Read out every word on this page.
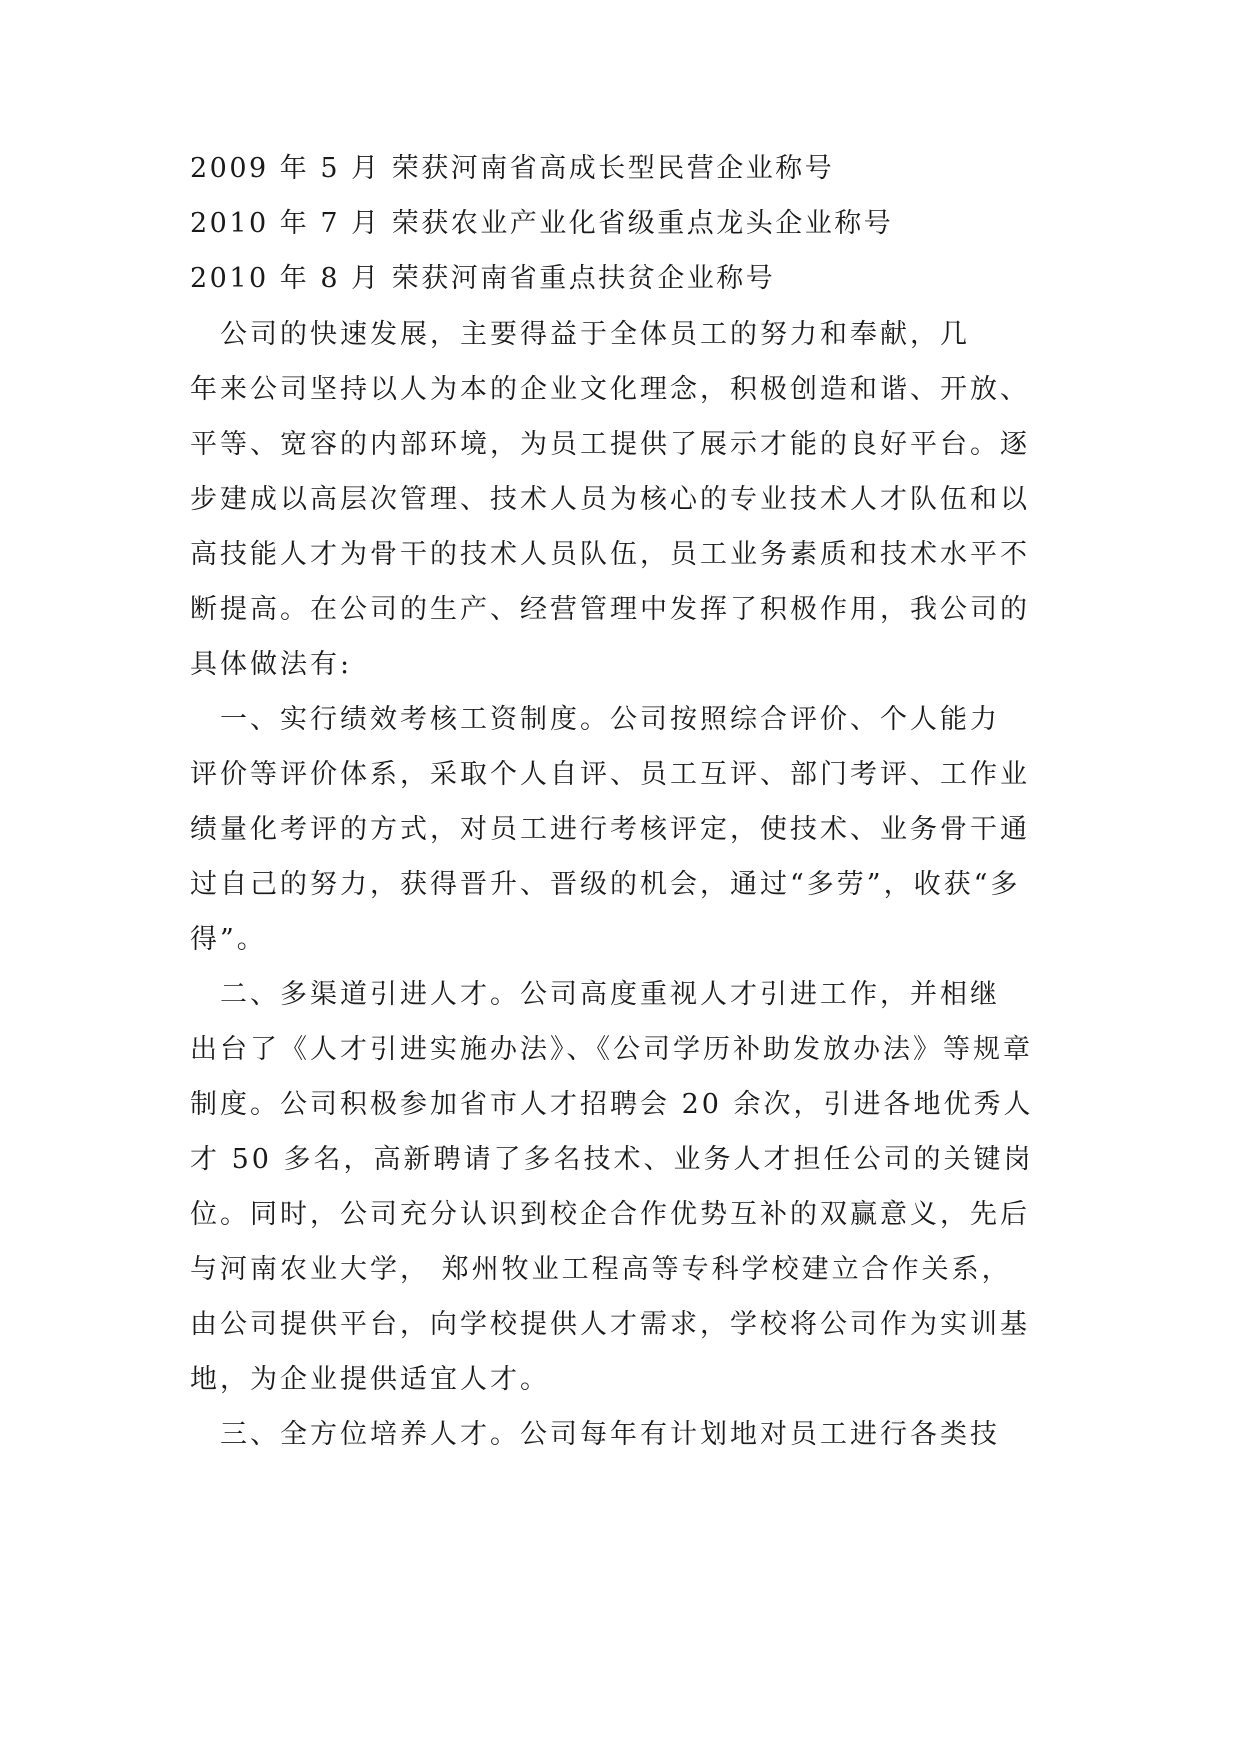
2009 年 5 月 荣获河南省高成长型民营企业称号
2010 年 7 月 荣获农业产业化省级重点龙头企业称号
2010 年 8 月 荣获河南省重点扶贫企业称号
　公司的快速发展，主要得益于全体员工的努力和奉献，几
年来公司坚持以人为本的企业文化理念，积极创造和谐、开放、
平等、宽容的内部环境，为员工提供了展示才能的良好平台。逐
步建成以高层次管理、技术人员为核心的专业技术人才队伍和以
高技能人才为骨干的技术人员队伍，员工业务素质和技术水平不
断提高。在公司的生产、经营管理中发挥了积极作用，我公司的
具体做法有:
　一、实行绩效考核工资制度。公司按照综合评价、个人能力
评价等评价体系，采取个人自评、员工互评、部门考评、工作业
绩量化考评的方式，对员工进行考核评定，使技术、业务骨干通
过自己的努力，获得晋升、晋级的机会，通过“多劳”，收获“多
得”。
　二、多渠道引进人才。公司高度重视人才引进工作，并相继
出台了《人才引进实施办法》、《公司学历补助发放办法》等规章
制度。公司积极参加省市人才招聘会 20 余次，引进各地优秀人
才 50 多名，高新聘请了多名技术、业务人才担任公司的关键岗
位。同时，公司充分认识到校企合作优势互补的双赢意义，先后
与河南农业大学， 郑州牧业工程高等专科学校建立合作关系，
由公司提供平台，向学校提供人才需求，学校将公司作为实训基
地，为企业提供适宜人才。
　三、全方位培养人才。公司每年有计划地对员工进行各类技
